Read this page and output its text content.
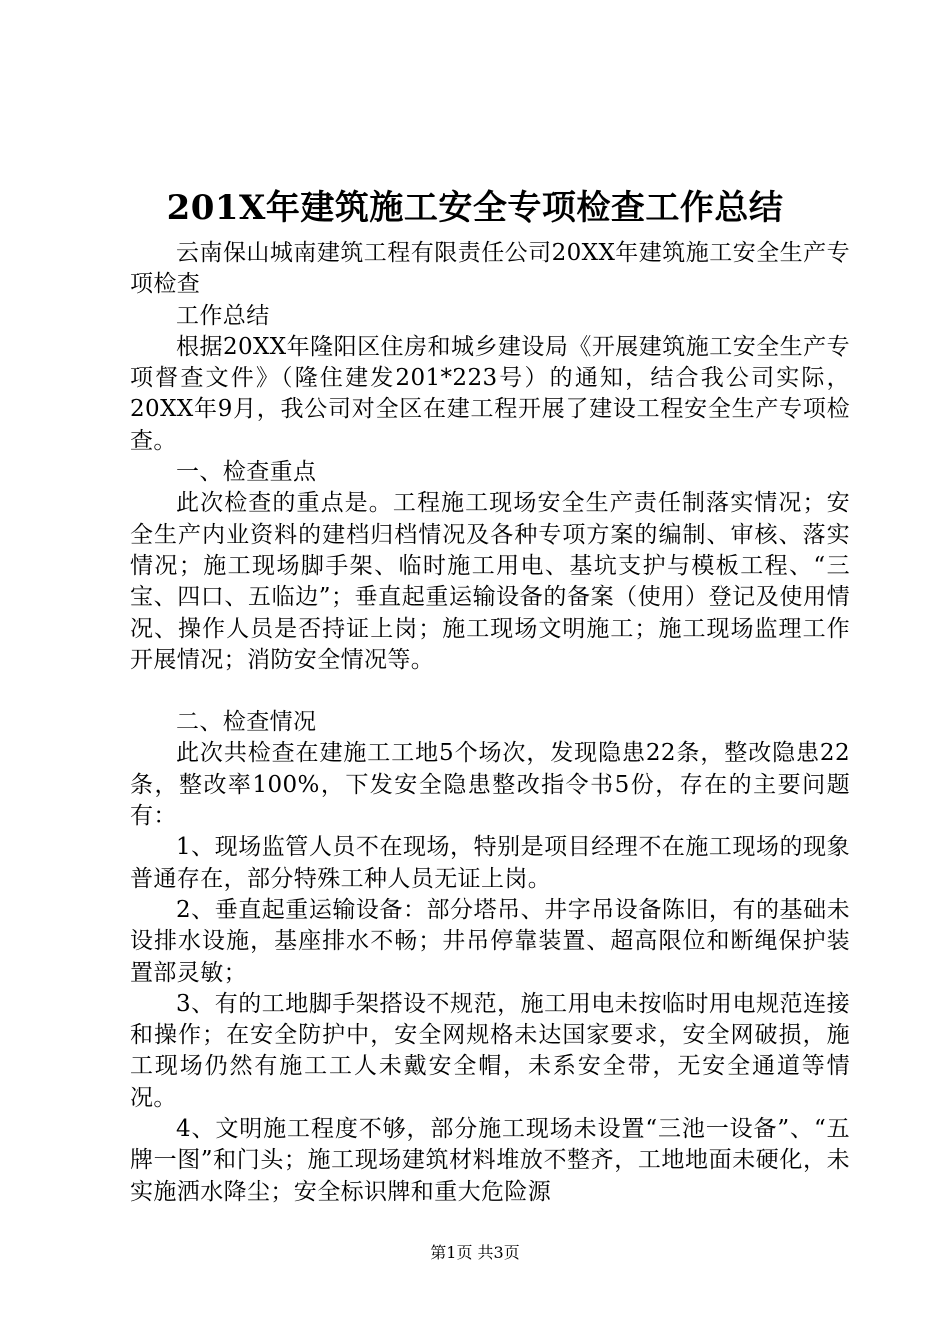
201X年建筑施工安全专项检查工作总结

云南保山城南建筑工程有限责任公司20XX年建筑施工安全生产专项检查

工作总结

根据20XX年隆阳区住房和城乡建设局《开展建筑施工安全生产专项督查文件》（隆住建发201*223号）的通知，结合我公司实际，20XX年9月，我公司对全区在建工程开展了建设工程安全生产专项检查。

一、检查重点

此次检查的重点是。工程施工现场安全生产责任制落实情况；安全生产内业资料的建档归档情况及各种专项方案的编制、审核、落实情况；施工现场脚手架、临时施工用电、基坑支护与模板工程、“三宝、四口、五临边”；垂直起重运输设备的备案（使用）登记及使用情况、操作人员是否持证上岗；施工现场文明施工；施工现场监理工作开展情况；消防安全情况等。

二、检查情况

此次共检查在建施工工地5个场次，发现隐患22条，整改隐患22条，整改率100%，下发安全隐患整改指令书5份，存在的主要问题有：

1、现场监管人员不在现场，特别是项目经理不在施工现场的现象普通存在，部分特殊工种人员无证上岗。

2、垂直起重运输设备：部分塔吊、井字吊设备陈旧，有的基础未设排水设施，基座排水不畅；井吊停靠装置、超高限位和断绳保护装置部灵敏；

3、有的工地脚手架搭设不规范，施工用电未按临时用电规范连接和操作；在安全防护中，安全网规格未达国家要求，安全网破损，施工现场仍然有施工工人未戴安全帽，未系安全带，无安全通道等情况。

4、文明施工程度不够，部分施工现场未设置“三池一设备”、“五牌一图”和门头；施工现场建筑材料堆放不整齐，工地地面未硬化，未实施洒水降尘；安全标识牌和重大危险源

第1页 共3页
